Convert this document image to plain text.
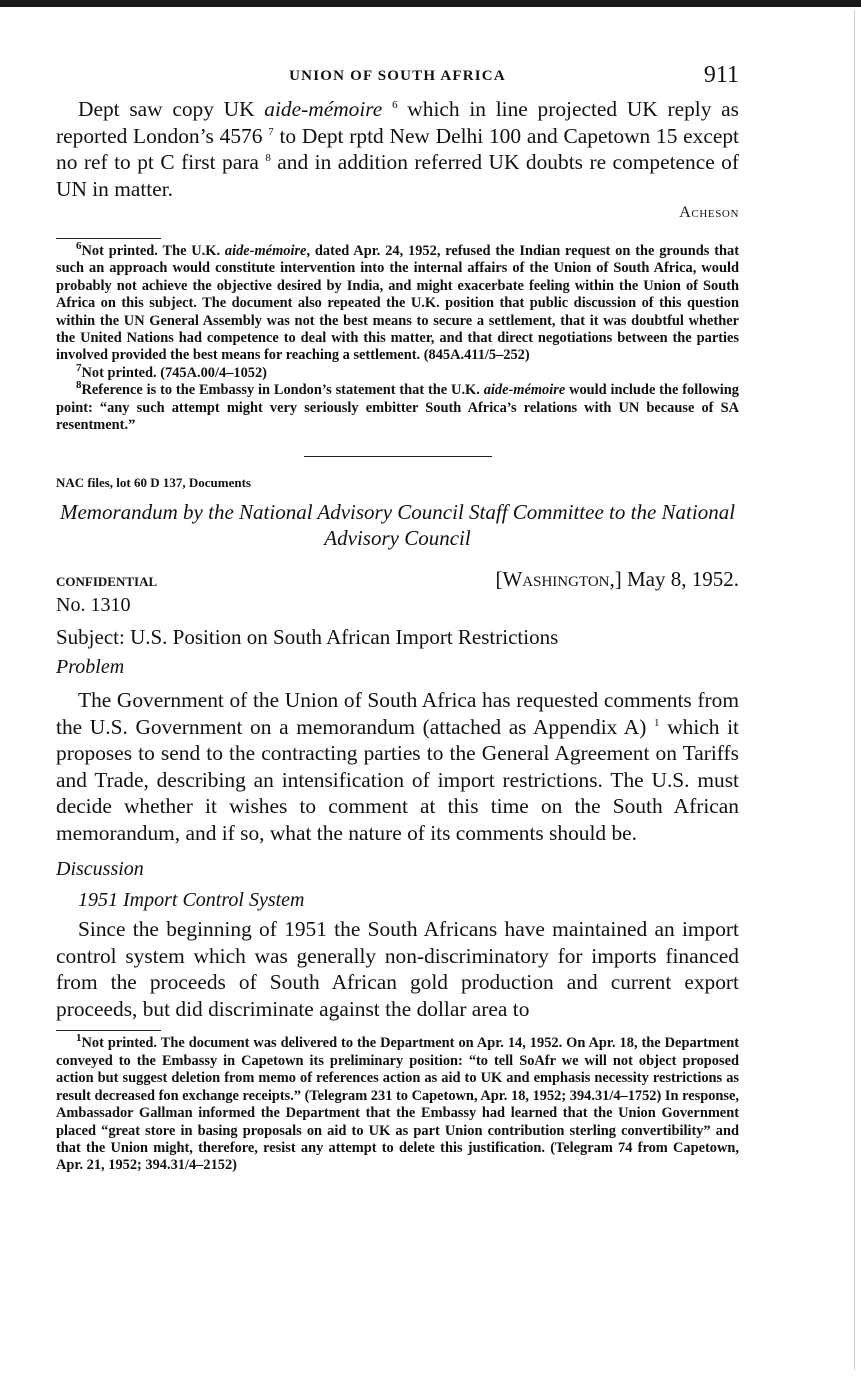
UNION OF SOUTH AFRICA	911

Dept saw copy UK aide-mémoire $^6$ which in line projected UK reply as reported London’s 4576 $^7$ to Dept rptd New Delhi 100 and Capetown 15 except no ref to pt C first para $^8$ and in addition referred UK doubts re competence of UN in matter.

Acheson

$^6$Not printed. The U.K. aide-mémoire, dated Apr. 24, 1952, refused the Indian request on the grounds that such an approach would constitute intervention into the internal affairs of the Union of South Africa, would probably not achieve the objective desired by India, and might exacerbate feeling within the Union of South Africa on this subject. The document also repeated the U.K. position that public discussion of this question within the UN General Assembly was not the best means to secure a settlement, that it was doubtful whether the United Nations had competence to deal with this matter, and that direct negotiations between the parties involved provided the best means for reaching a settlement. (845A.411/5–252)

$^7$Not printed. (745A.00/4–1052)

$^8$Reference is to the Embassy in London’s statement that the U.K. aide-mémoire would include the following point: “any such attempt might very seriously embitter South Africa’s relations with UN because of SA resentment.”

NAC files, lot 60 D 137, Documents

Memorandum by the National Advisory Council Staff Committee to the National Advisory Council

CONFIDENTIAL	[Washington,] May 8, 1952.
No. 1310
Subject: U.S. Position on South African Import Restrictions
Problem

The Government of the Union of South Africa has requested comments from the U.S. Government on a memorandum (attached as Appendix A) $^1$ which it proposes to send to the contracting parties to the General Agreement on Tariffs and Trade, describing an intensification of import restrictions. The U.S. must decide whether it wishes to comment at this time on the South African memorandum, and if so, what the nature of its comments should be.

Discussion
1951 Import Control System

Since the beginning of 1951 the South Africans have maintained an import control system which was generally non-discriminatory for imports financed from the proceeds of South African gold production and current export proceeds, but did discriminate against the dollar area to

$^1$Not printed. The document was delivered to the Department on Apr. 14, 1952. On Apr. 18, the Department conveyed to the Embassy in Capetown its preliminary position: “to tell SoAfr we will not object proposed action but suggest deletion from memo of references action as aid to UK and emphasis necessity restrictions as result decreased fon exchange receipts.” (Telegram 231 to Capetown, Apr. 18, 1952; 394.31/4–1752) In response, Ambassador Gallman informed the Department that the Embassy had learned that the Union Government placed “great store in basing proposals on aid to UK as part Union contribution sterling convertibility” and that the Union might, therefore, resist any attempt to delete this justification. (Telegram 74 from Capetown, Apr. 21, 1952; 394.31/4–2152)
